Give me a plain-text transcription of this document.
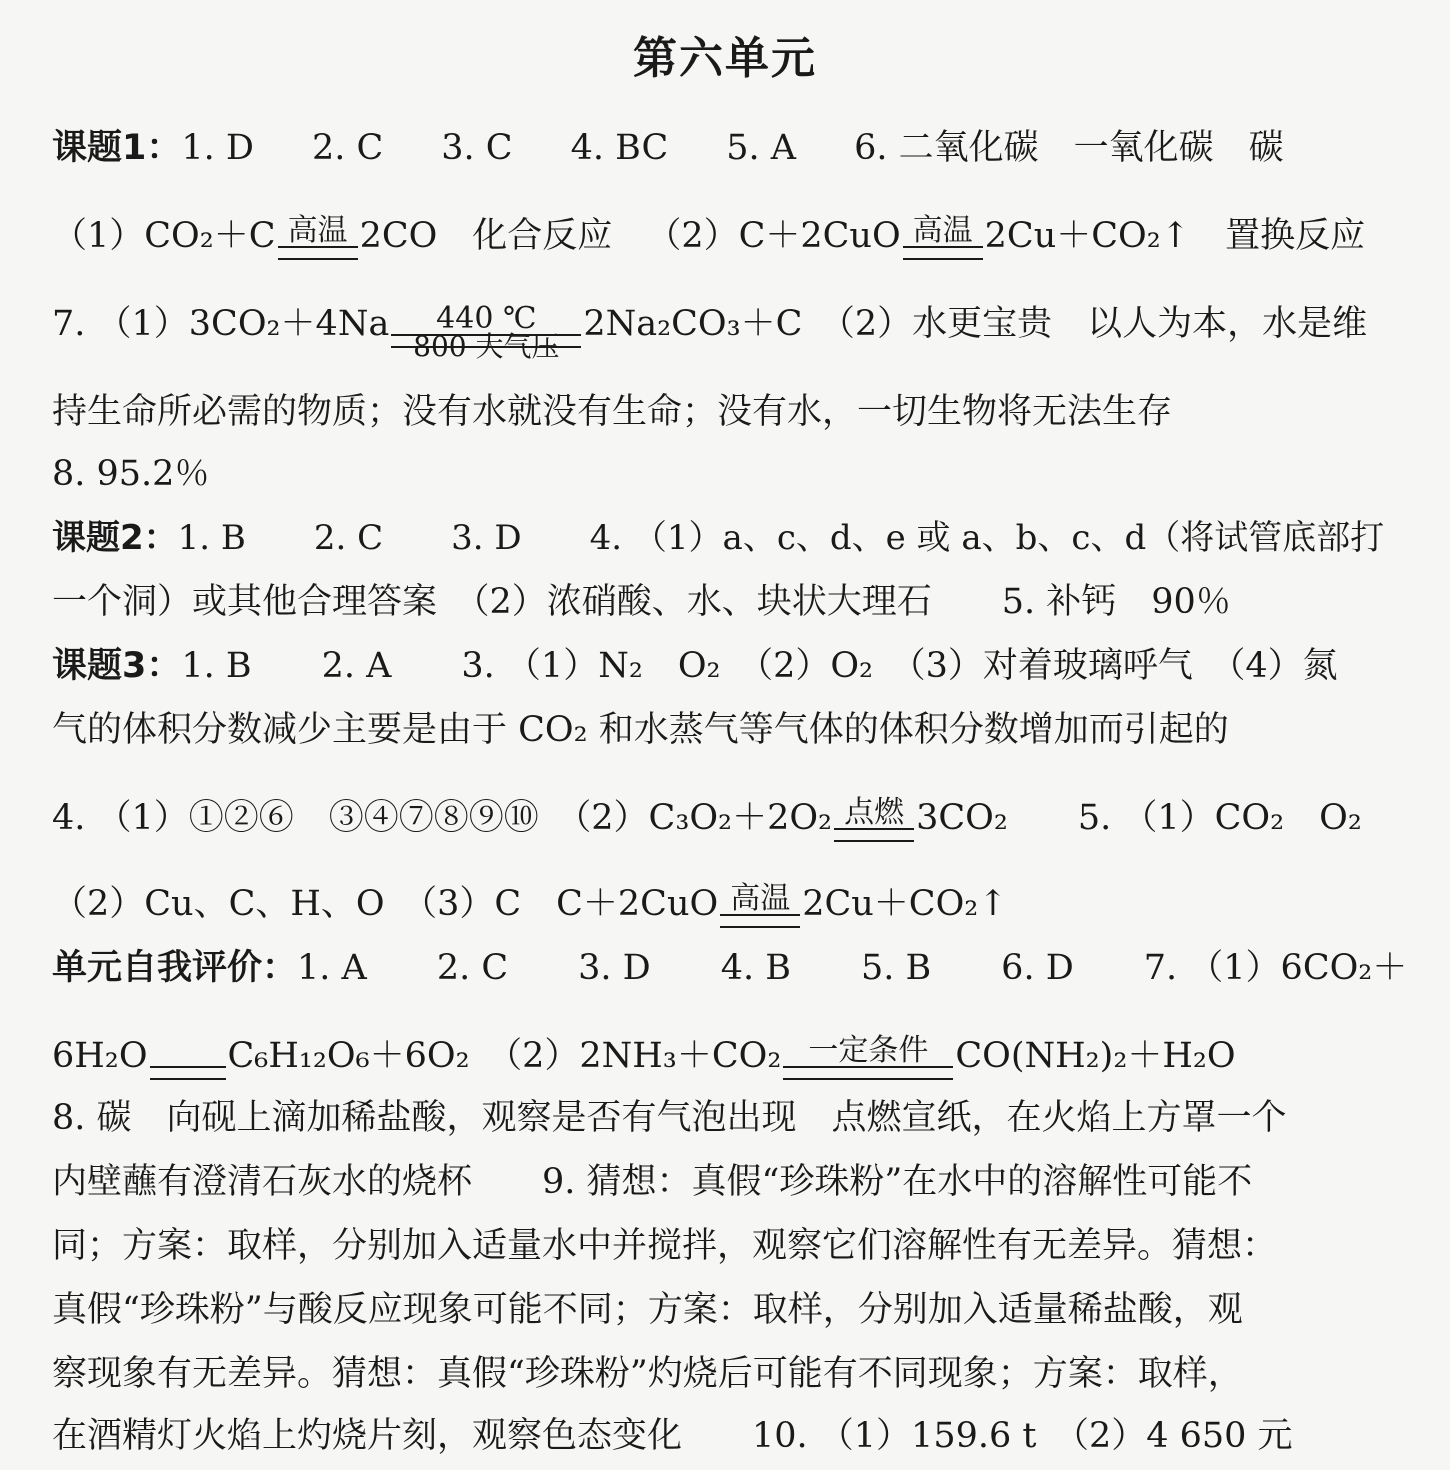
第六单元
课题1：1. D 2. C 3. C 4. BC 5. A 6. 二氧化碳　一氧化碳　碳
（1）CO₂＋C 高温 2CO　化合反应 （2）C＋2CuO 高温 2Cu＋CO₂↑　置换反应
7. （1）3CO₂＋4Na	440 ℃
800 大气压
2Na₂CO₃＋C　（2）水更宝贵　以人为本，水是维
持生命所必需的物质；没有水就没有生命；没有水，一切生物将无法生存
8. 95.2％
课题2：1. B　　2. C　　3. D　　4. （1）a、c、d、e 或 a、b、c、d（将试管底部打
一个洞）或其他合理答案　（2）浓硝酸、水、块状大理石　　5. 补钙　90％
课题3：1. B　　2. A　　3. （1）N₂　O₂　（2）O₂　（3）对着玻璃呼气　（4）氮
气的体积分数减少主要是由于 CO₂ 和水蒸气等气体的体积分数增加而引起的
4. （1）①②⑥　③④⑦⑧⑨⑩　（2）C₃O₂＋2O₂ 点燃 3CO₂　　5. （1）CO₂　O₂
（2）Cu、C、H、O　（3）C　C＋2CuO 高温 2Cu＋CO₂↑
单元自我评价：1. A　　2. C　　3. D　　4. B　　5. B　　6. D　　7. （1）6CO₂＋
6H₂O C₆H₁₂O₆＋6O₂　（2）2NH₃＋CO₂ 一定条件 CO(NH₂)₂＋H₂O
8. 碳　向砚上滴加稀盐酸，观察是否有气泡出现　点燃宣纸，在火焰上方罩一个
内壁蘸有澄清石灰水的烧杯　　9. 猜想：真假“珍珠粉”在水中的溶解性可能不
同；方案：取样，分别加入适量水中并搅拌，观察它们溶解性有无差异。猜想：
真假“珍珠粉”与酸反应现象可能不同；方案：取样，分别加入适量稀盐酸，观
察现象有无差异。猜想：真假“珍珠粉”灼烧后可能有不同现象；方案：取样，
在酒精灯火焰上灼烧片刻，观察色态变化　　10. （1）159.6 t　（2）4 650 元
